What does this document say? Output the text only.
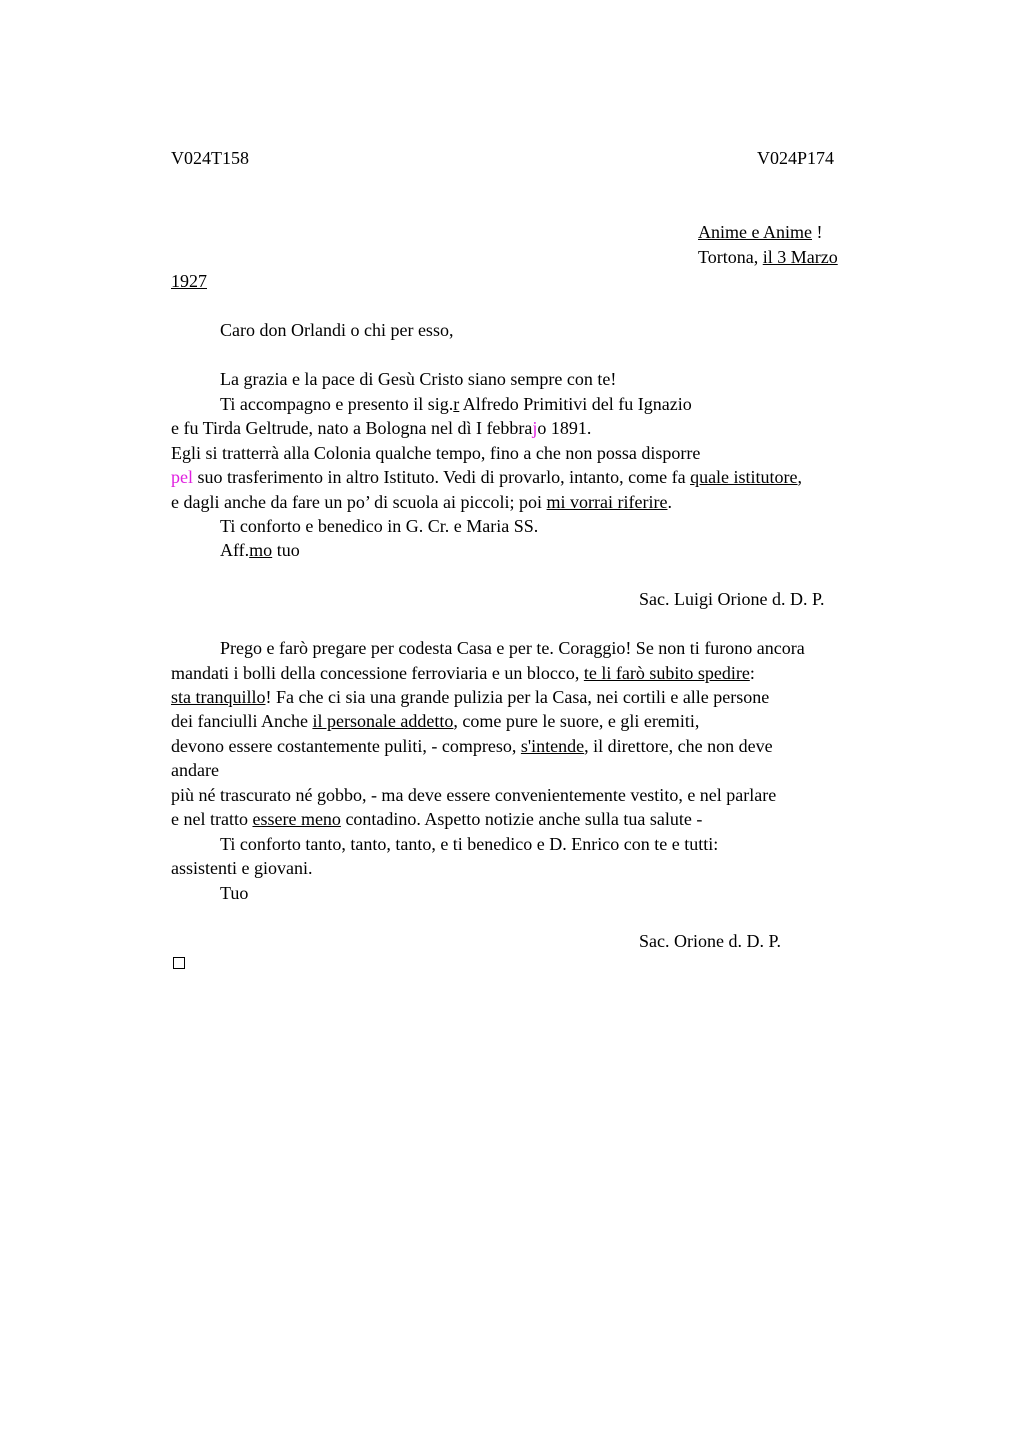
V024T158	V024P174
Anime e Anime !
Tortona, il 3 Marzo
1927
Caro don Orlandi o chi per esso,
La grazia e la pace di Gesù Cristo siano sempre con te!
Ti accompagno e presento il sig.r Alfredo Primitivi del fu Ignazio
e fu Tirda Geltrude, nato a Bologna nel dì I febbrajo 1891.
Egli si tratterrà alla Colonia qualche tempo, fino a che non possa disporre
pel suo trasferimento in altro Istituto. Vedi di provarlo, intanto, come fa quale istitutore,
e dagli anche da fare un po’ di scuola ai piccoli; poi mi vorrai riferire.
Ti conforto e benedico in G. Cr. e Maria SS.
Aff.mo tuo
Sac. Luigi Orione d. D. P.
Prego e farò pregare per codesta Casa e per te. Coraggio! Se non ti furono ancora
mandati i bolli della concessione ferroviaria e un blocco, te li farò subito spedire:
sta tranquillo! Fa che ci sia una grande pulizia per la Casa, nei cortili e alle persone
dei fanciulli Anche il personale addetto, come pure le suore, e gli eremiti,
devono essere costantemente puliti, - compreso, s'intende, il direttore, che non deve
andare
più né trascurato né gobbo, - ma deve essere convenientemente vestito, e nel parlare
e nel tratto essere meno contadino. Aspetto notizie anche sulla tua salute -
Ti conforto tanto, tanto, tanto, e ti benedico e D. Enrico con te e tutti:
assistenti e giovani.
Tuo
Sac. Orione d. D. P.
